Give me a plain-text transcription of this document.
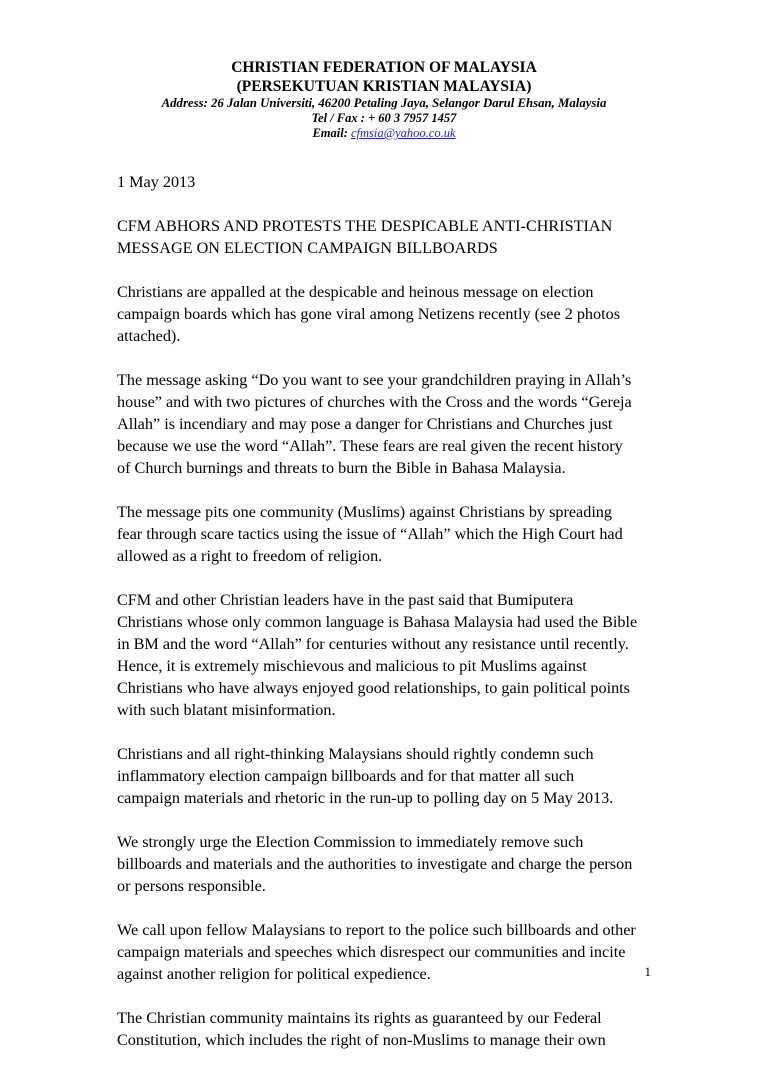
CHRISTIAN FEDERATION OF MALAYSIA
(PERSEKUTUAN KRISTIAN MALAYSIA)
Address: 26 Jalan Universiti, 46200 Petaling Jaya, Selangor Darul Ehsan, Malaysia
Tel / Fax : + 60 3 7957 1457
Email: cfmsia@yahoo.co.uk

1 May 2013

CFM ABHORS AND PROTESTS THE DESPICABLE ANTI-CHRISTIAN
MESSAGE ON ELECTION CAMPAIGN BILLBOARDS

Christians are appalled at the despicable and heinous message on election
campaign boards which has gone viral among Netizens recently (see 2 photos
attached).

The message asking “Do you want to see your grandchildren praying in Allah’s
house” and with two pictures of churches with the Cross and the words “Gereja
Allah” is incendiary and may pose a danger for Christians and Churches just
because we use the word “Allah”. These fears are real given the recent history
of Church burnings and threats to burn the Bible in Bahasa Malaysia.

The message pits one community (Muslims) against Christians by spreading
fear through scare tactics using the issue of “Allah” which the High Court had
allowed as a right to freedom of religion.

CFM and other Christian leaders have in the past said that Bumiputera
Christians whose only common language is Bahasa Malaysia had used the Bible
in BM and the word “Allah” for centuries without any resistance until recently.
Hence, it is extremely mischievous and malicious to pit Muslims against
Christians who have always enjoyed good relationships, to gain political points
with such blatant misinformation.

Christians and all right-thinking Malaysians should rightly condemn such
inflammatory election campaign billboards and for that matter all such
campaign materials and rhetoric in the run-up to polling day on 5 May 2013.

We strongly urge the Election Commission to immediately remove such
billboards and materials and the authorities to investigate and charge the person
or persons responsible.

We call upon fellow Malaysians to report to the police such billboards and other
campaign materials and speeches which disrespect our communities and incite
against another religion for political expedience.

The Christian community maintains its rights as guaranteed by our Federal
Constitution, which includes the right of non-Muslims to manage their own

1
